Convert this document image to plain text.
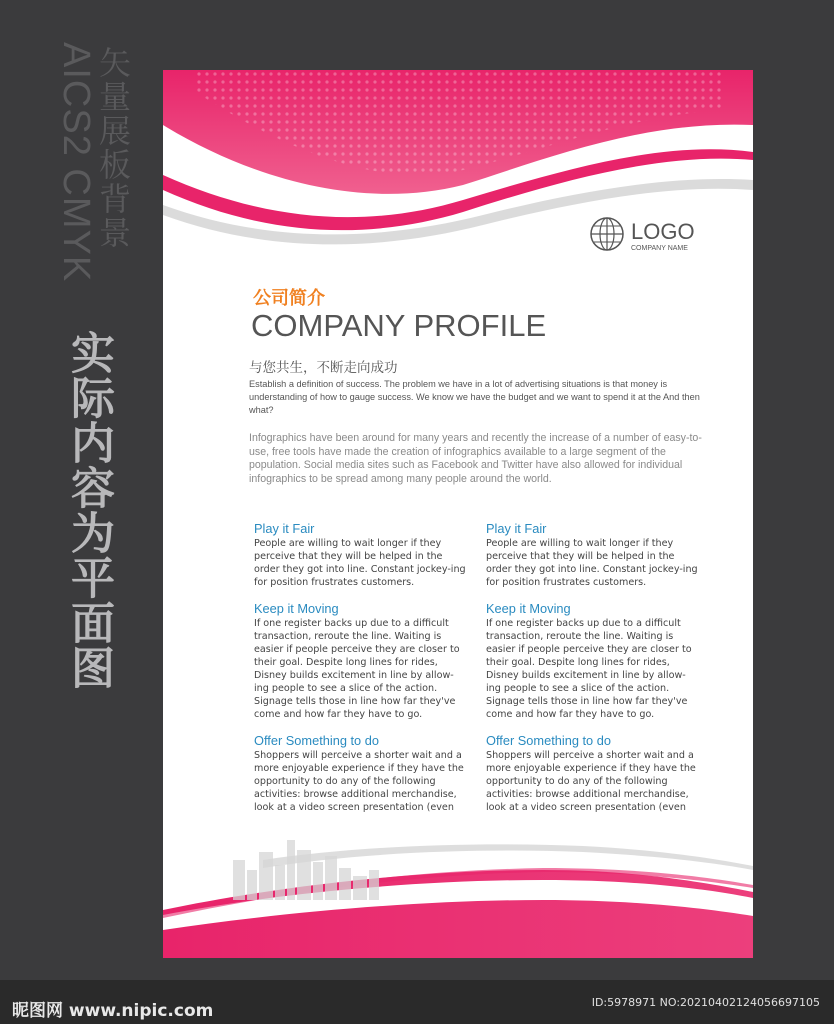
AICS2 CMYK
矢量展板背景
实际内容为平面图
LOGO
COMPANY NAME
公司简介
COMPANY PROFILE
与您共生，不断走向成功
Establish a definition of success. The problem we have in a lot of advertising situations is that money is understanding of how to gauge success. We know we have the budget and we want to spend it at the And then what?
Infographics have been around for many years and recently the increase of a number of easy-to-use, free tools have made the creation of infographics available to a large segment of the population. Social media sites such as Facebook and Twitter have also allowed for individual infographics to be spread among many people around the world.
Play it Fair
People are willing to wait longer if they perceive that they will be helped in the order they got into line. Constant jockey-ing for position frustrates customers.
Keep it Moving
If one register backs up due to a difficult transaction, reroute the line. Waiting is easier if people perceive they are closer to their goal. Despite long lines for rides, Disney builds excitement in line by allow-ing people to see a slice of the action. Signage tells those in line how far they've come and how far they have to go.
Offer Something to do
Shoppers will perceive a shorter wait and a more enjoyable experience if they have the opportunity to do any of the following activities: browse additional merchandise, look at a video screen presentation (even
Play it Fair
People are willing to wait longer if they perceive that they will be helped in the order they got into line. Constant jockey-ing for position frustrates customers.
Keep it Moving
If one register backs up due to a difficult transaction, reroute the line. Waiting is easier if people perceive they are closer to their goal. Despite long lines for rides, Disney builds excitement in line by allow-ing people to see a slice of the action. Signage tells those in line how far they've come and how far they have to go.
Offer Something to do
Shoppers will perceive a shorter wait and a more enjoyable experience if they have the opportunity to do any of the following activities: browse additional merchandise, look at a video screen presentation (even
昵图网 www.nipic.com	ID:5978971 NO:20210402124056697105
